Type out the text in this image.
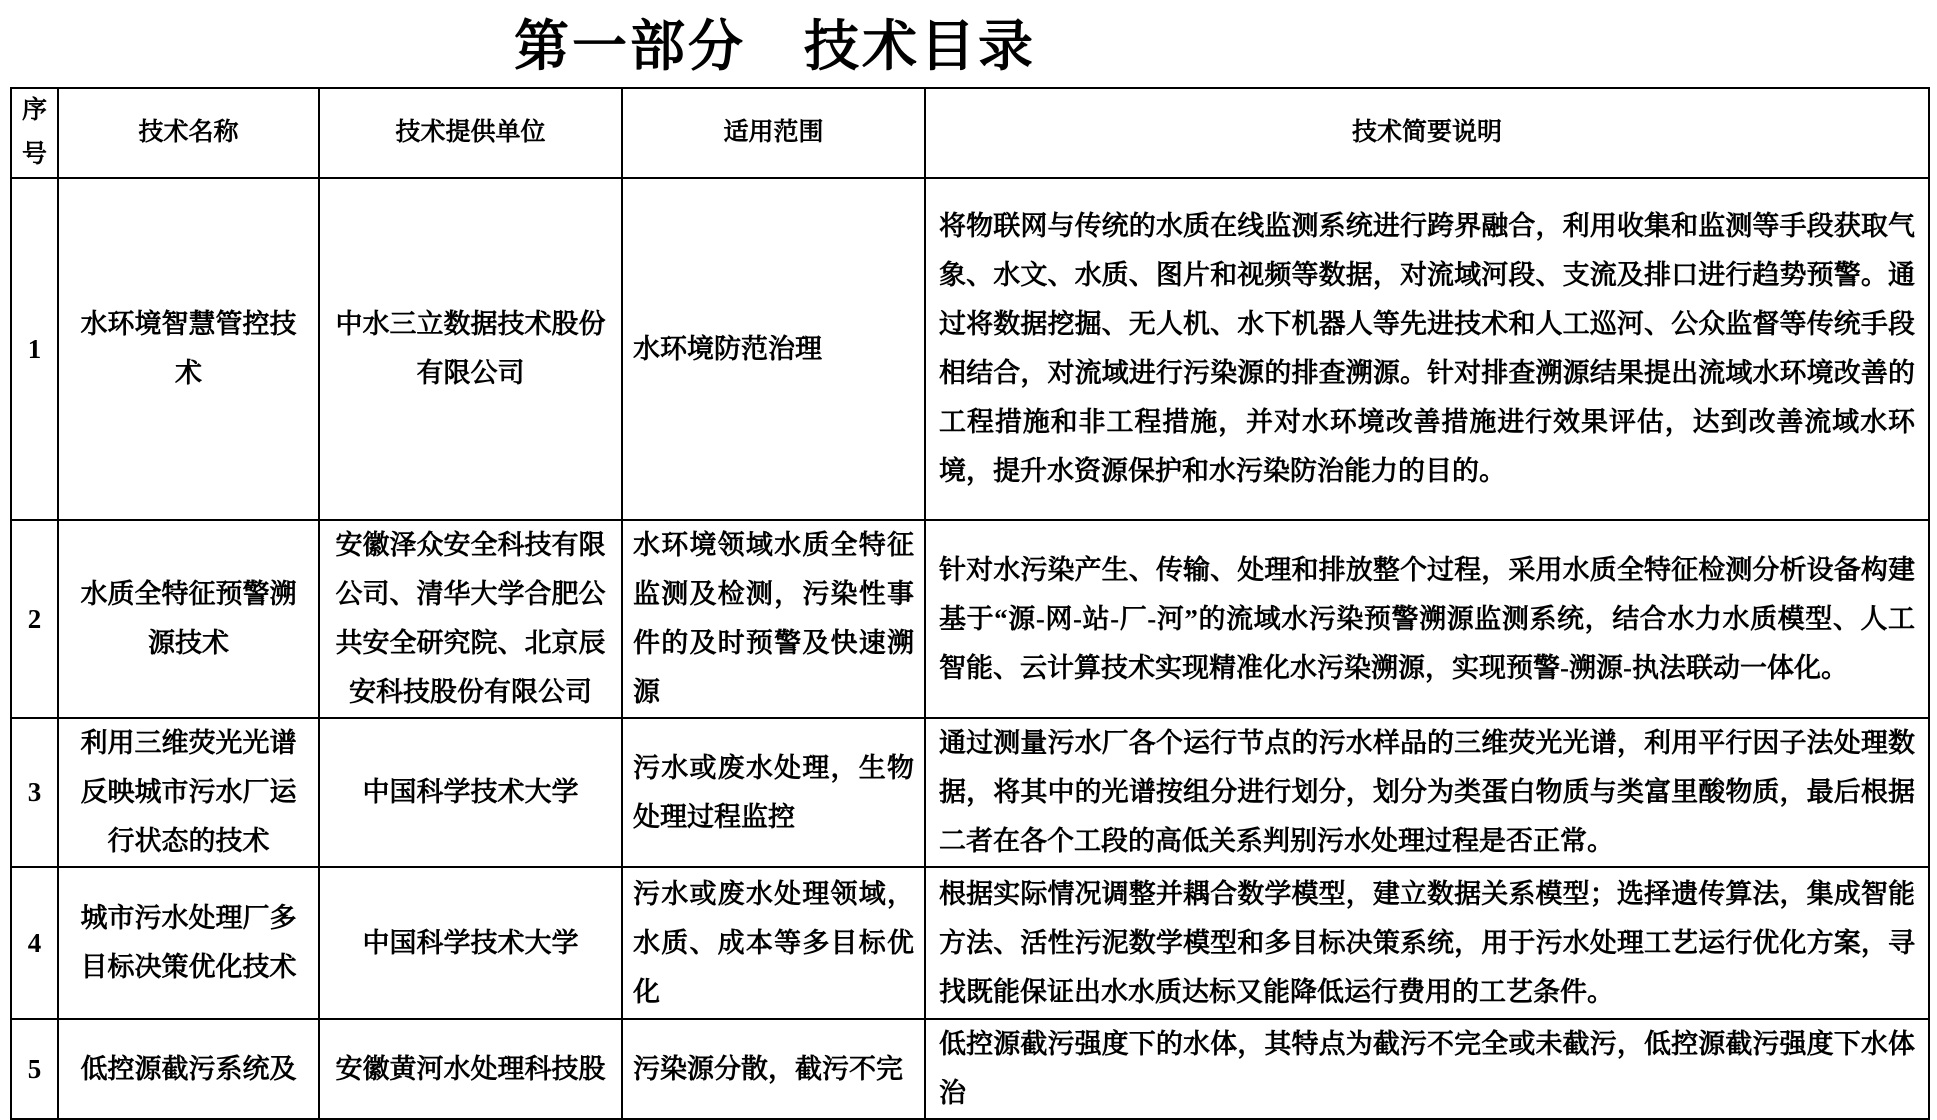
第一部分　技术目录
序号	技术名称	技术提供单位	适用范围	技术简要说明
1	水环境智慧管控技术	中水三立数据技术股份有限公司	水环境防范治理	将物联网与传统的水质在线监测系统进行跨界融合，利用收集和监测等手段获取气象、水文、水质、图片和视频等数据，对流域河段、支流及排口进行趋势预警。通过将数据挖掘、无人机、水下机器人等先进技术和人工巡河、公众监督等传统手段相结合，对流域进行污染源的排查溯源。针对排查溯源结果提出流域水环境改善的工程措施和非工程措施，并对水环境改善措施进行效果评估，达到改善流域水环境，提升水资源保护和水污染防治能力的目的。
2	水质全特征预警溯源技术	安徽泽众安全科技有限公司、清华大学合肥公共安全研究院、北京辰安科技股份有限公司	水环境领域水质全特征监测及检测，污染性事件的及时预警及快速溯源	针对水污染产生、传输、处理和排放整个过程，采用水质全特征检测分析设备构建基于“源-网-站-厂-河”的流域水污染预警溯源监测系统，结合水力水质模型、人工智能、云计算技术实现精准化水污染溯源，实现预警-溯源-执法联动一体化。
3	利用三维荧光光谱反映城市污水厂运行状态的技术	中国科学技术大学	污水或废水处理，生物处理过程监控	通过测量污水厂各个运行节点的污水样品的三维荧光光谱，利用平行因子法处理数据，将其中的光谱按组分进行划分，划分为类蛋白物质与类富里酸物质，最后根据二者在各个工段的高低关系判别污水处理过程是否正常。
4	城市污水处理厂多目标决策优化技术	中国科学技术大学	污水或废水处理领域，水质、成本等多目标优化	根据实际情况调整并耦合数学模型，建立数据关系模型；选择遗传算法，集成智能方法、活性污泥数学模型和多目标决策系统，用于污水处理工艺运行优化方案，寻找既能保证出水水质达标又能降低运行费用的工艺条件。
5	低控源截污系统及	安徽黄河水处理科技股	污染源分散，截污不完	低控源截污强度下的水体，其特点为截污不完全或未截污，低控源截污强度下水体治
